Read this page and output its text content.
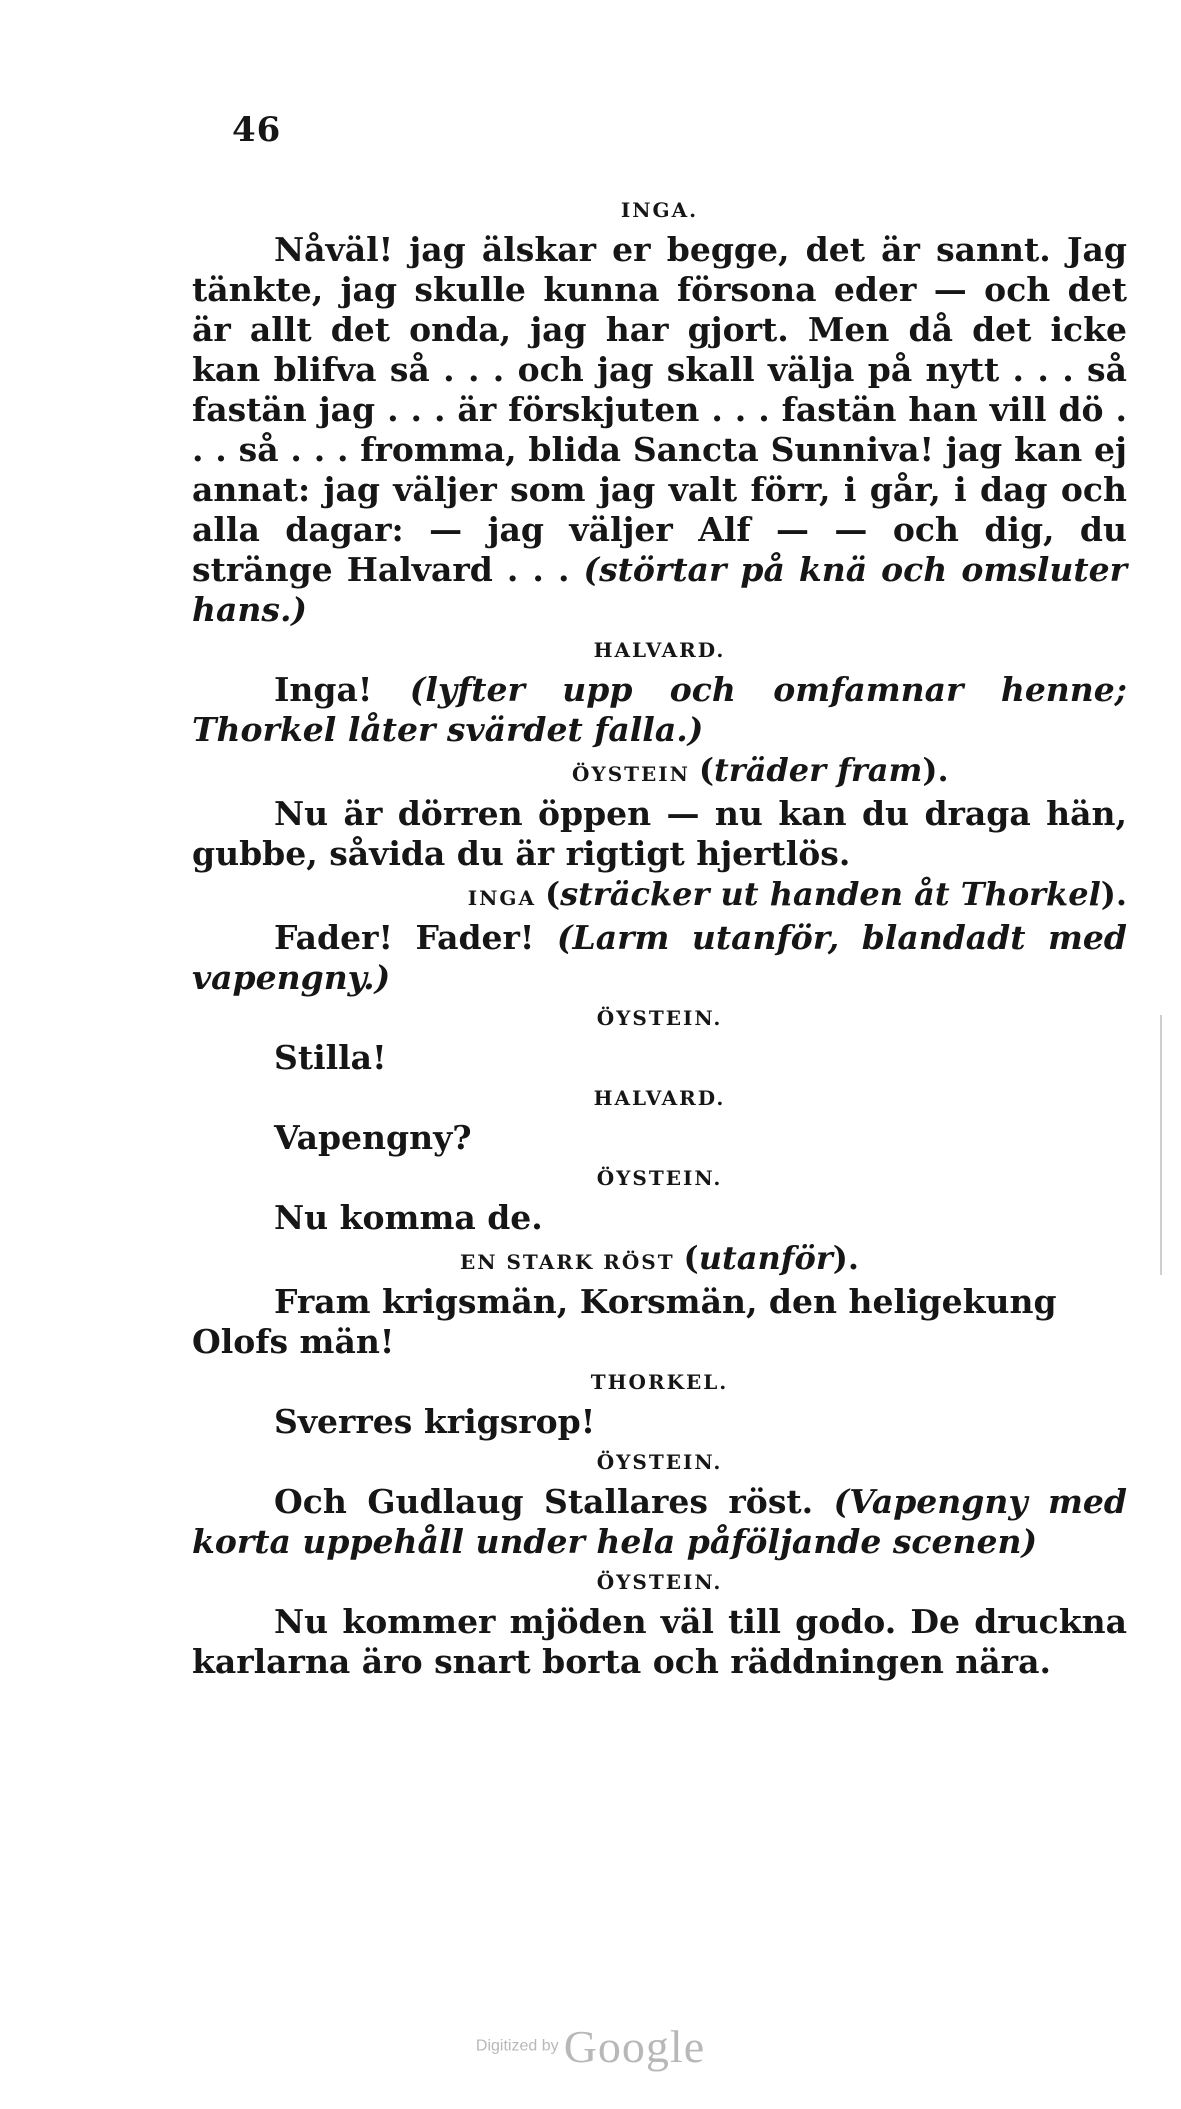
46
INGA.

Nåväl! jag älskar er begge, det är sannt. Jag tänkte, jag skulle kunna försona eder — och det är allt det onda, jag har gjort. Men då det icke kan blifva så . . . och jag skall välja på nytt . . . så fastän jag . . . är förskjuten . . . fastän han vill dö . . . så . . . fromma, blida Sancta Sunniva! jag kan ej annat: jag väljer som jag valt förr, i går, i dag och alla dagar: — jag väljer Alf — — och dig, du stränge Halvard . . . (störtar på knä och omsluter hans.)

HALVARD.

Inga! (lyfter upp och omfamnar henne; Thorkel låter svärdet falla.)

ÖYSTEIN (träder fram).

Nu är dörren öppen — nu kan du draga hän, gubbe, såvida du är rigtigt hjertlös.

INGA (sträcker ut handen åt Thorkel).

Fader! Fader! (Larm utanför, blandadt med vapengny.)

ÖYSTEIN.

Stilla!

HALVARD.

Vapengny?

ÖYSTEIN.

Nu komma de.

EN STARK RÖST (utanför).

Fram krigsmän, Korsmän, den heligekung Olofs män!

THORKEL.

Sverres krigsrop!

ÖYSTEIN.

Och Gudlaug Stallares röst. (Vapengny med korta uppehåll under hela påföljande scenen)

ÖYSTEIN.

Nu kommer mjöden väl till godo. De druckna karlarna äro snart borta och räddningen nära.

Digitized by Google
